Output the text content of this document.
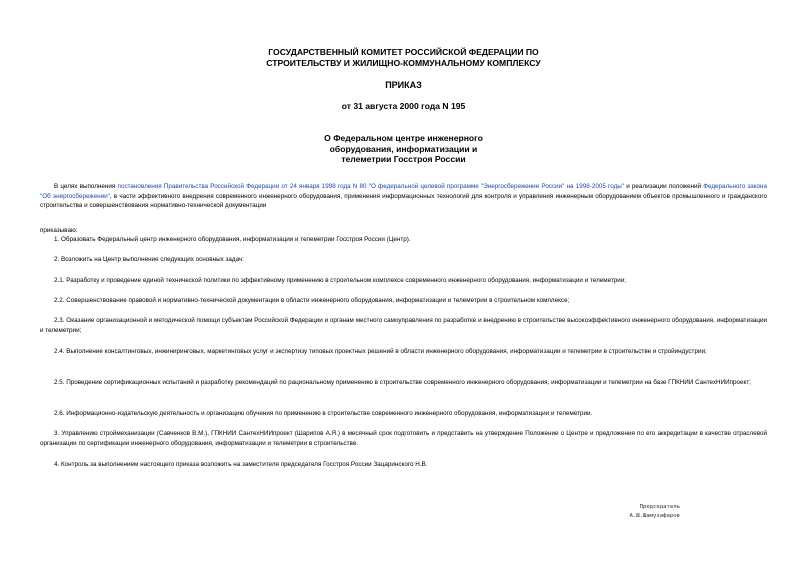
ГОСУДАРСТВЕННЫЙ КОМИТЕТ РОССИЙСКОЙ ФЕДЕРАЦИИ ПО
СТРОИТЕЛЬСТВУ И ЖИЛИЩНО-КОММУНАЛЬНОМУ КОМПЛЕКСУ
ПРИКАЗ
от 31 августа 2000 года N 195
О Федеральном центре инженерного
оборудования, информатизации и
телеметрии Госстроя России
В целях выполнения постановления Правительства Российской Федерации от 24 января 1998 года N 80 "О федеральной целевой программе "Энергосбережение России" на 1998-2005 годы" и реализации положений Федерального закона "Об энергосбережении", в части эффективного внедрения современного инженерного оборудования, применения информационных технологий для контроля и управления инженерным оборудованием объектов промышленного и гражданского строительства и совершенствования нормативно-технической документации
приказываю:
1. Образовать Федеральный центр инженерного оборудования, информатизации и телеметрии Госстроя России (Центр).
2. Возложить на Центр выполнение следующих основных задач:
2.1. Разработку и проведение единой технической политики по эффективному применению в строительном комплексе современного инженерного оборудования, информатизации и телеметрии;
2.2. Совершенствование правовой и нормативно-технической документации в области инженерного оборудования, информатизации и телеметрии в строительном комплексе;
2.3. Оказание организационной и методической помощи субъектам Российской Федерации и органам местного самоуправления по разработке и внедрению в строительстве высокоэффективного инженерного оборудования, информатизации и телеметрии;
2.4. Выполнение консалтинговых, инжиниринговых, маркетинговых услуг и экспертизу типовых проектных решений в области инженерного оборудования, информатизации и телеметрии в строительстве и стройиндустрии;
2.5. Проведение сертификационных испытаний и разработку рекомендаций по рациональному применению в строительстве современного инженерного оборудования, информатизации и телеметрии на базе ГПКНИИ СантехНИИпроект;
2.6. Информационно-издательскую деятельность и организацию обучения по применению в строительстве современного инженерного оборудования, информатизации и телеметрии.
3. Управлению строймеханизации (Савченков В.М.), ГПКНИИ СантехНИИпроект (Шарипов А.Я.) в месячный срок подготовить и представить на утверждение Положение о Центре и предложения по его аккредитации в качестве отраслевой организации по сертификации инженерного оборудования, информатизации и телеметрии в строительстве.
4. Контроль за выполнением настоящего приказа возложить на заместителя председателя Госстроя России Зацаринского Н.В.
Председатель
А.Ш.Шамузафаров
